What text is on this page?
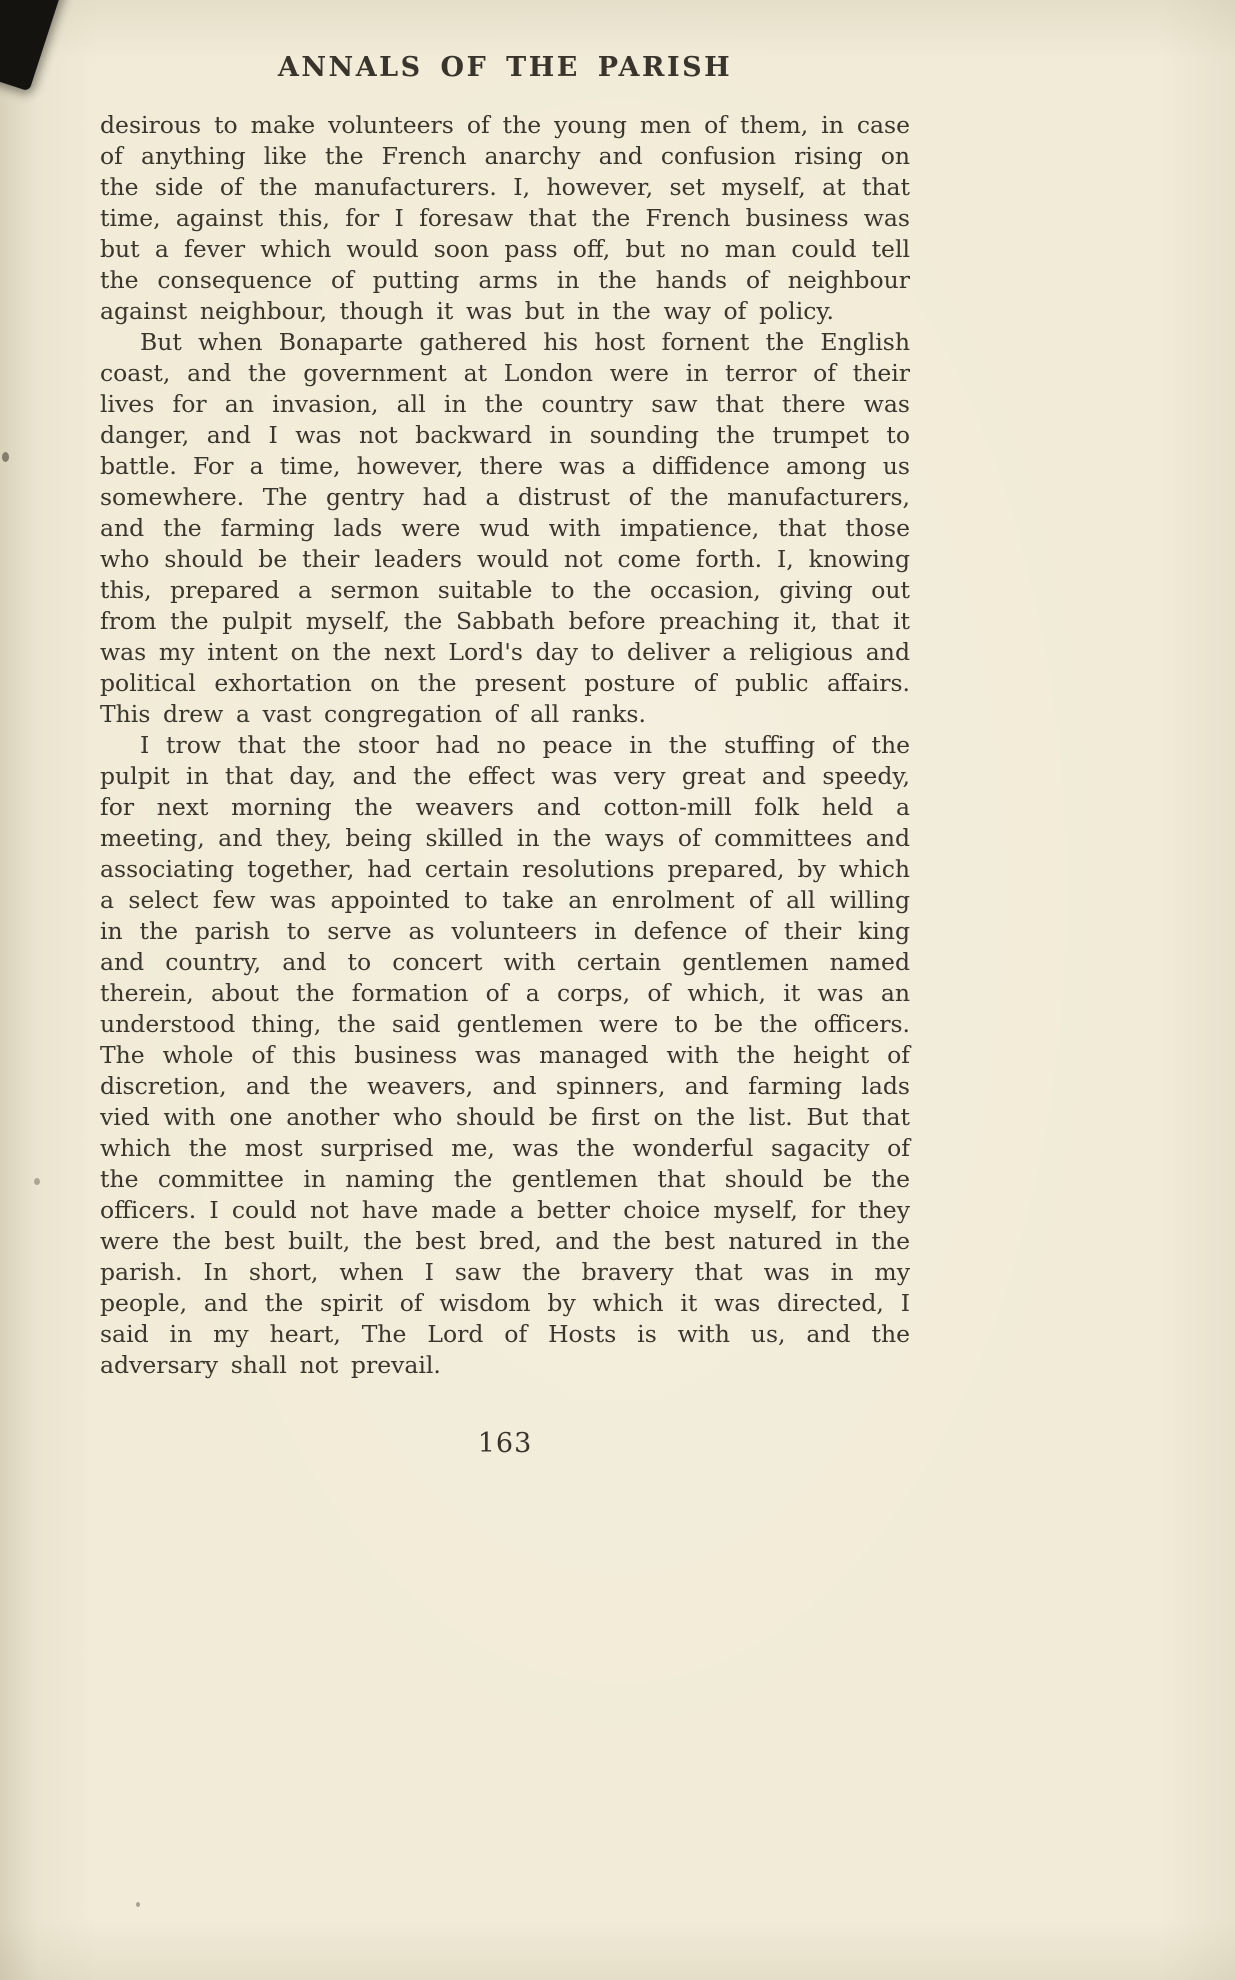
ANNALS OF THE PARISH

desirous to make volunteers of the young men of them, in case of anything like the French anarchy and confusion rising on the side of the manufacturers. I, however, set myself, at that time, against this, for I foresaw that the French business was but a fever which would soon pass off, but no man could tell the consequence of putting arms in the hands of neighbour against neighbour, though it was but in the way of policy.

But when Bonaparte gathered his host fornent the English coast, and the government at London were in terror of their lives for an invasion, all in the country saw that there was danger, and I was not backward in sounding the trumpet to battle. For a time, however, there was a diffidence among us somewhere. The gentry had a distrust of the manufacturers, and the farming lads were wud with impatience, that those who should be their leaders would not come forth. I, knowing this, prepared a sermon suitable to the occasion, giving out from the pulpit myself, the Sabbath before preaching it, that it was my intent on the next Lord's day to deliver a religious and political exhortation on the present posture of public affairs. This drew a vast congregation of all ranks.

I trow that the stoor had no peace in the stuffing of the pulpit in that day, and the effect was very great and speedy, for next morning the weavers and cotton-mill folk held a meeting, and they, being skilled in the ways of committees and associating together, had certain resolutions prepared, by which a select few was appointed to take an enrolment of all willing in the parish to serve as volunteers in defence of their king and country, and to concert with certain gentlemen named therein, about the formation of a corps, of which, it was an understood thing, the said gentlemen were to be the officers. The whole of this business was managed with the height of discretion, and the weavers, and spinners, and farming lads vied with one another who should be first on the list. But that which the most surprised me, was the wonderful sagacity of the committee in naming the gentlemen that should be the officers. I could not have made a better choice myself, for they were the best built, the best bred, and the best natured in the parish. In short, when I saw the bravery that was in my people, and the spirit of wisdom by which it was directed, I said in my heart, The Lord of Hosts is with us, and the adversary shall not prevail.

163
